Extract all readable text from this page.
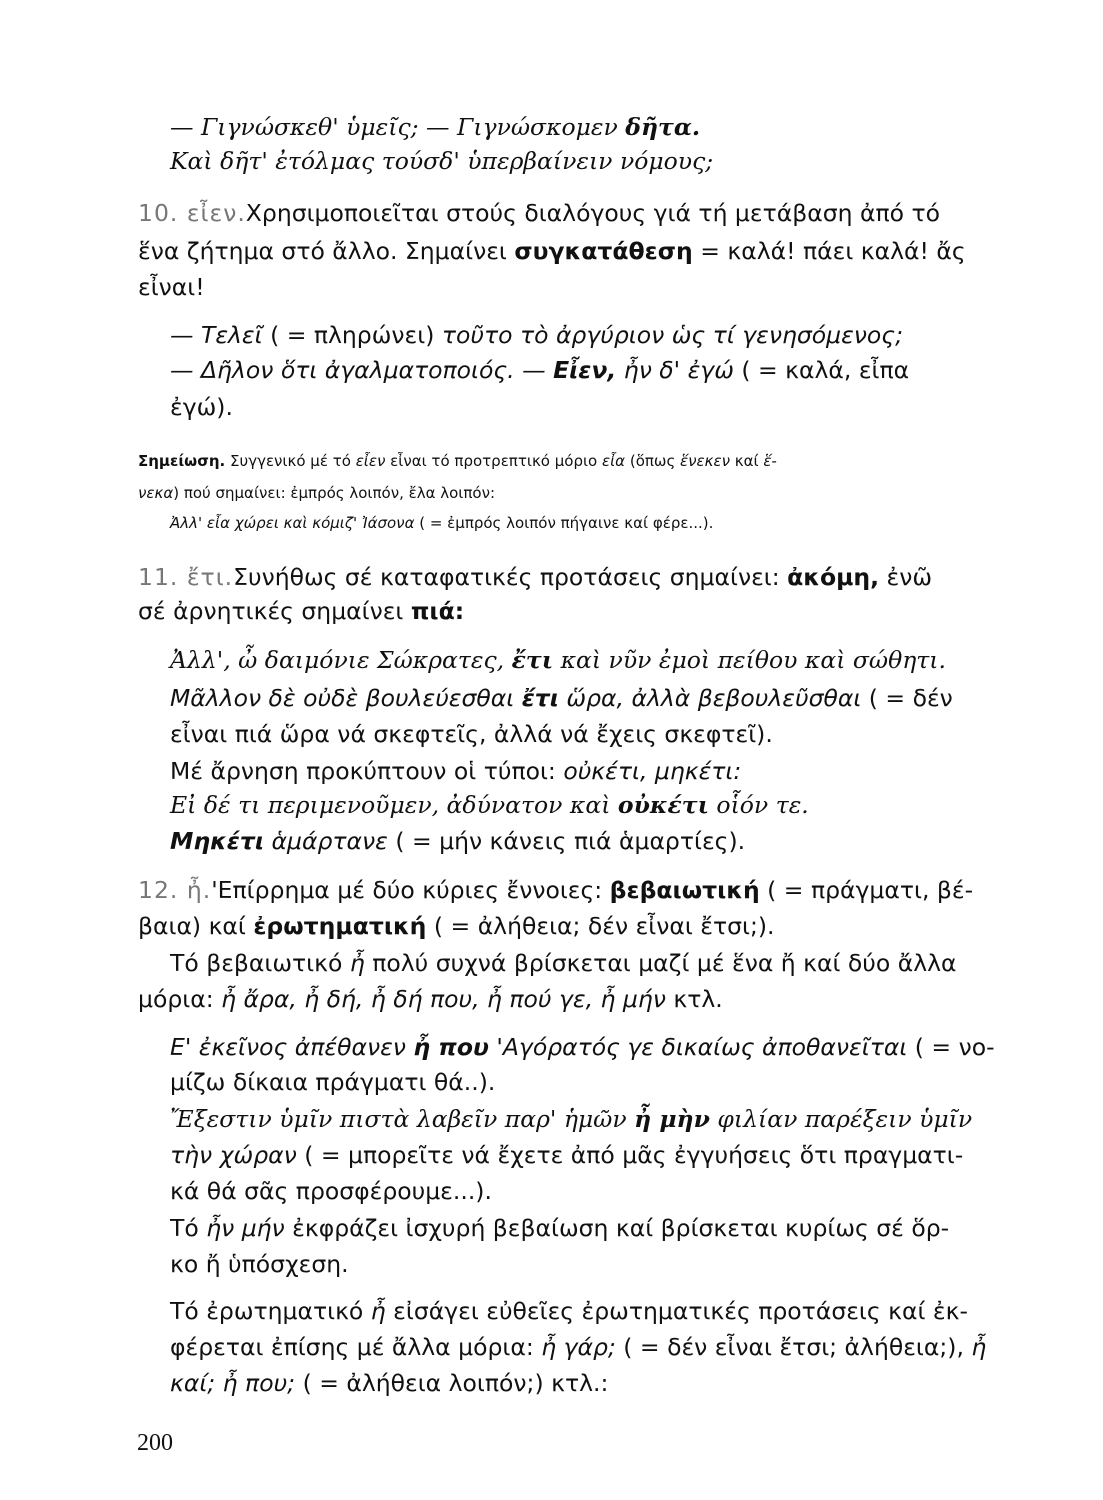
— Γιγνώσκεθ' ὑμεῖς; — Γιγνώσκομεν δῆτα.
Καὶ δῆτ' ἐτόλμας τούσδ' ὑπερβαίνειν νόμους;
10. εἶεν.Χρησιμοποιεῖται στούς διαλόγους γιά τή μετάβαση ἀπό τό
ἕνα ζήτημα στό ἄλλο. Σημαίνει συγκατάθεση = καλά! πάει καλά! ἄς
εἶναι!
— Τελεῖ ( = πληρώνει) τοῦτο τὸ ἀργύριον ὡς τί γενησόμενος;
— Δῆλον ὅτι ἀγαλματοποιός. — Εἶεν, ἦν δ' ἐγώ ( = καλά, εἶπα
ἐγώ).
Σημείωση. Συγγενικό μέ τό εἶεν εἶναι τό προτρεπτικό μόριο εἶα (ὅπως ἕνεκεν καί ἕ-
νεκα) πού σημαίνει: ἐμπρός λοιπόν, ἔλα λοιπόν:
Ἀλλ' εἶα χώρει καὶ κόμιζ' Ἰάσονα ( = ἐμπρός λοιπόν πήγαινε καί φέρε...).
11. ἔτι.Συνήθως σέ καταφατικές προτάσεις σημαίνει: ἀκόμη, ἐνῶ
σέ ἀρνητικές σημαίνει πιά:
Ἀλλ', ὦ δαιμόνιε Σώκρατες, ἔτι καὶ νῦν ἐμοὶ πείθου καὶ σώθητι.
Μᾶλλον δὲ οὐδὲ βουλεύεσθαι ἔτι ὥρα, ἀλλὰ βεβουλεῦσθαι ( = δέν
εἶναι πιά ὥρα νά σκεφτεῖς, ἀλλά νά ἔχεις σκεφτεῖ).
Μέ ἄρνηση προκύπτουν οἱ τύποι: οὐκέτι, μηκέτι:
Εἰ δέ τι περιμενοῦμεν, ἀδύνατον καὶ οὐκέτι οἷόν τε.
Μηκέτι ἁμάρτανε ( = μήν κάνεις πιά ἁμαρτίες).
12. ἦ.'Επίρρημα μέ δύο κύριες ἔννοιες: βεβαιωτική ( = πράγματι, βέ-
βαια) καί ἐρωτηματική ( = ἀλήθεια; δέν εἶναι ἔτσι;).
Τό βεβαιωτικό ἦ πολύ συχνά βρίσκεται μαζί μέ ἕνα ἤ καί δύο ἄλλα
μόρια: ἦ ἄρα, ἦ δή, ἦ δή που, ἦ πού γε, ἦ μήν κτλ.
Ε' ἐκεῖνος ἀπέθανεν ἦ που 'Αγόρατός γε δικαίως ἀποθανεῖται ( = νο-
μίζω δίκαια πράγματι θά..).
Ἔξεστιν ὑμῖν πιστὰ λαβεῖν παρ' ἡμῶν ἦ μὴν φιλίαν παρέξειν ὑμῖν
τὴν χώραν ( = μπορεῖτε νά ἔχετε ἀπό μᾶς ἐγγυήσεις ὅτι πραγματι-
κά θά σᾶς προσφέρουμε...).
Τό ἦν μήν ἐκφράζει ἰσχυρή βεβαίωση καί βρίσκεται κυρίως σέ ὅρ-
κο ἤ ὑπόσχεση.
Τό ἐρωτηματικό ἦ εἰσάγει εὐθεῖες ἐρωτηματικές προτάσεις καί ἐκ-
φέρεται ἐπίσης μέ ἄλλα μόρια: ἦ γάρ; ( = δέν εἶναι ἔτσι; ἀλήθεια;), ἦ
καί; ἦ που; ( = ἀλήθεια λοιπόν;) κτλ.:
200
